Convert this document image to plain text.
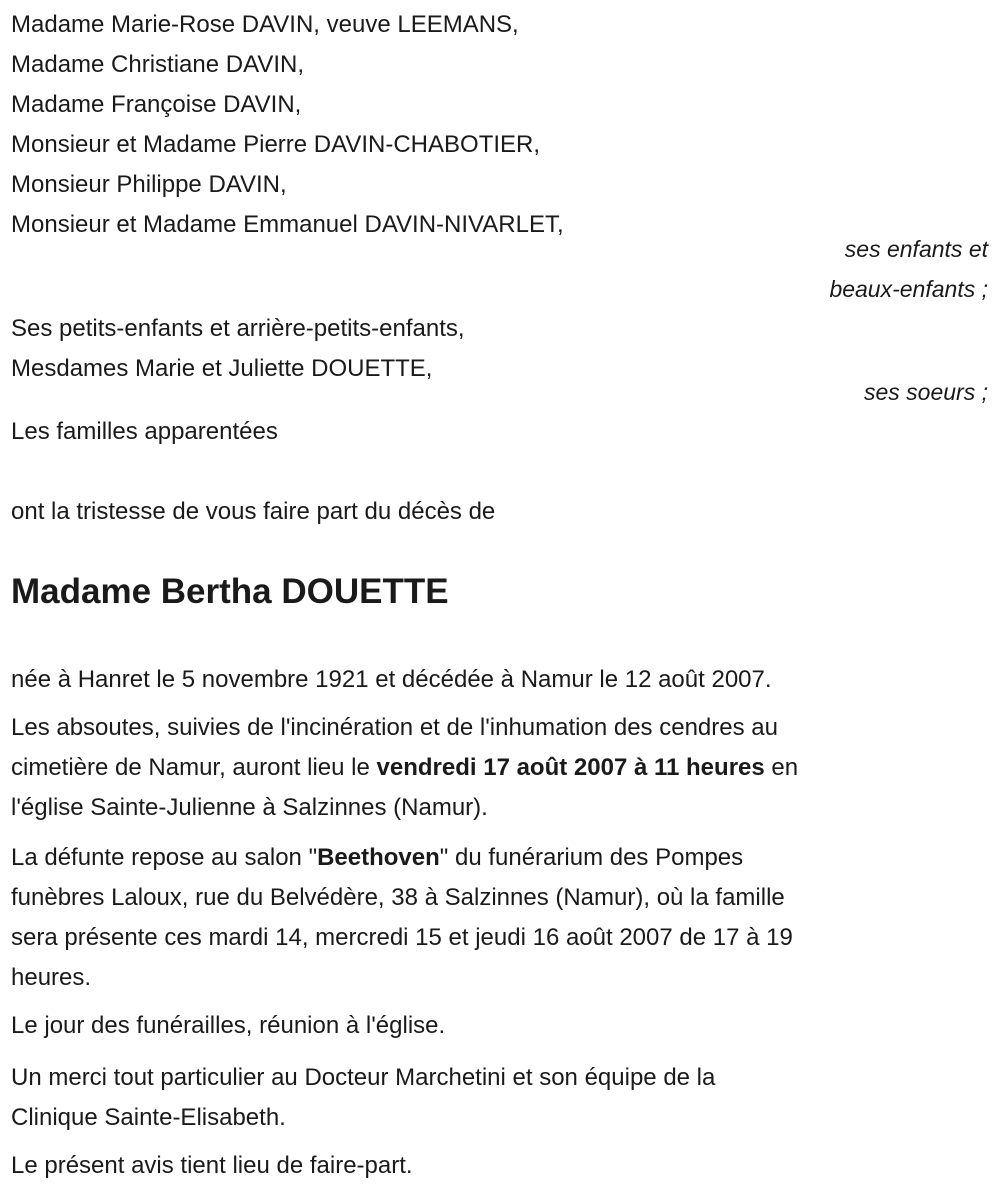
Madame Marie-Rose DAVIN, veuve LEEMANS,
Madame Christiane DAVIN,
Madame Françoise DAVIN,
Monsieur et Madame Pierre DAVIN-CHABOTIER,
Monsieur Philippe DAVIN,
Monsieur et Madame Emmanuel DAVIN-NIVARLET,
ses enfants et
beaux-enfants ;
Ses petits-enfants et arrière-petits-enfants,
Mesdames Marie et Juliette DOUETTE,
ses soeurs ;
Les familles apparentées
ont la tristesse de vous faire part du décès de
Madame Bertha DOUETTE
née à Hanret le 5 novembre 1921 et décédée à Namur le 12 août 2007.
Les absoutes, suivies de l'incinération et de l'inhumation des cendres au
cimetière de Namur, auront lieu le vendredi 17 août 2007 à 11 heures en
l'église Sainte-Julienne à Salzinnes (Namur).
La défunte repose au salon "Beethoven" du funérarium des Pompes
funèbres Laloux, rue du Belvédère, 38 à Salzinnes (Namur), où la famille
sera présente ces mardi 14, mercredi 15 et jeudi 16 août 2007 de 17 à 19
heures.
Le jour des funérailles, réunion à l'église.
Un merci tout particulier au Docteur Marchetini et son équipe de la
Clinique Sainte-Elisabeth.
Le présent avis tient lieu de faire-part.
